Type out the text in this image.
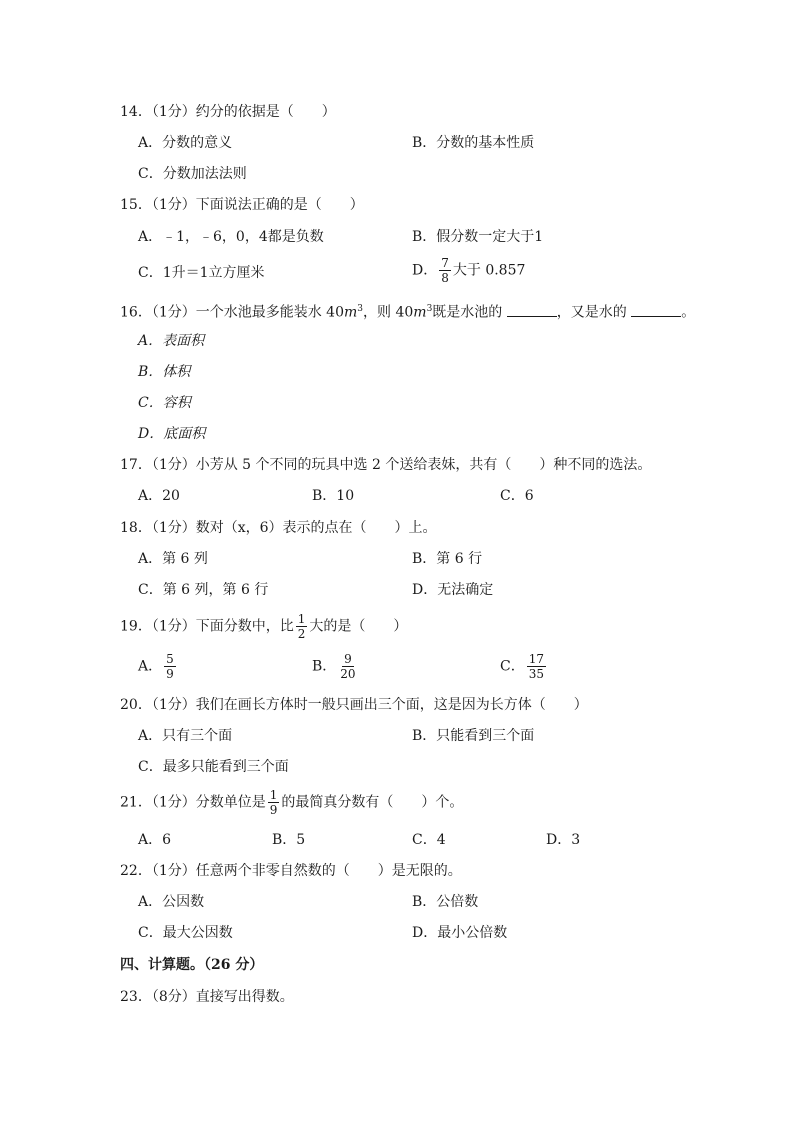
14．（1分）约分的依据是（　　）
A．分数的意义	B．分数的基本性质
C．分数加法法则
15．（1分）下面说法正确的是（　　）
A．﹣1，﹣6，0，4都是负数	B．假分数一定大于1
C．1升＝1立方厘米	D． $\frac{7}{8}$ 大于 0.857
16．（1分）一个水池最多能装水 $40m^3$，则 $40m^3$既是水池的	，又是水的	。
A．表面积
B．体积
C．容积
D．底面积
17．（1分）小芳从 5 个不同的玩具中选 2 个送给表妹，共有（　　）种不同的选法。
A．20	B．10	C．6
18．（1分）数对（x，6）表示的点在（　　）上。
A．第 6 列	B．第 6 行
C．第 6 列，第 6 行	D．无法确定
19．（1分）下面分数中，比 $\frac{1}{2}$ 大的是（　　）
A． $\frac{5}{9}$	B． $\frac{9}{20}$	C． $\frac{17}{35}$
20．（1分）我们在画长方体时一般只画出三个面，这是因为长方体（　　）
A．只有三个面	B．只能看到三个面
C．最多只能看到三个面
21．（1分）分数单位是 $\frac{1}{9}$ 的最简真分数有（　　）个。
A．6	B．5	C．4	D．3
22．（1分）任意两个非零自然数的（　　）是无限的。
A．公因数	B．公倍数
C．最大公因数	D．最小公倍数
四、计算题。（26 分）
23．（8分）直接写出得数。
